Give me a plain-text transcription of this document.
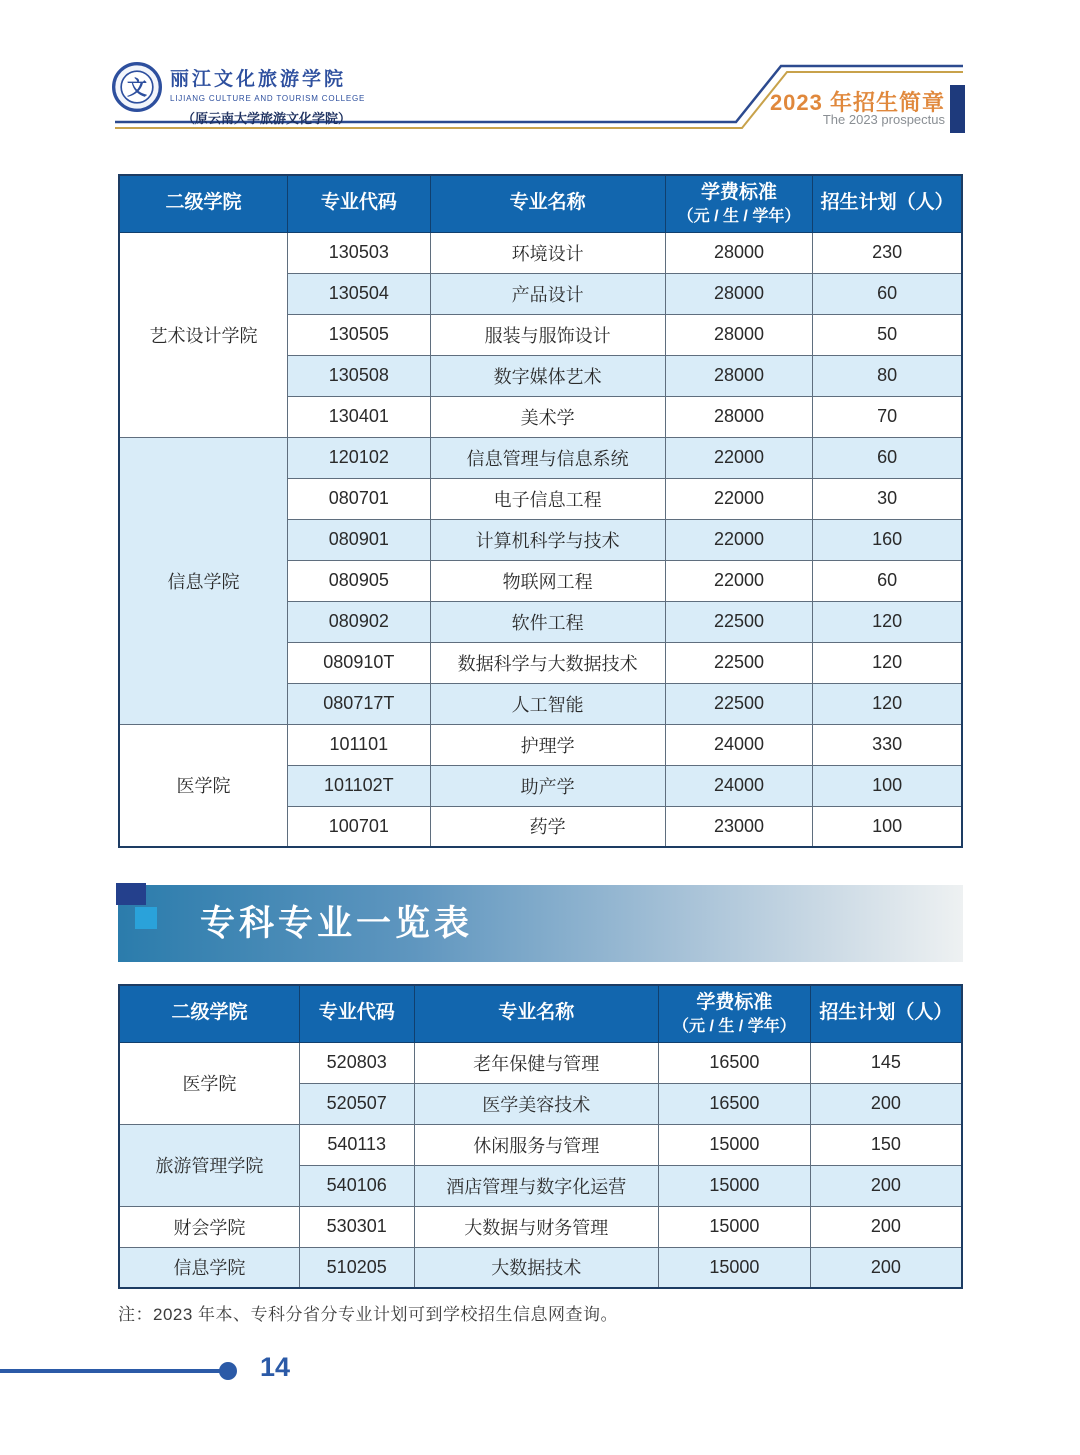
文 丽江文化旅游学院
LIJIANG CULTURE AND TOURISM COLLEGE
（原云南大学旅游文化学院）
2023 年招生简章
The 2023 prospectus
二级学院	专业代码	专业名称	学费标准
（元 / 生 / 学年）	招生计划（人）

艺术设计学院	130503	环境设计	28000	230
	130504	产品设计	28000	60
	130505	服装与服饰设计	28000	50
	130508	数字媒体艺术	28000	80
	130401	美术学	28000	70
信息学院	120102	信息管理与信息系统	22000	60
	080701	电子信息工程	22000	30
	080901	计算机科学与技术	22000	160
	080905	物联网工程	22000	60
	080902	软件工程	22500	120
	080910T	数据科学与大数据技术	22500	120
	080717T	人工智能	22500	120
医学院	101101	护理学	24000	330
	101102T	助产学	24000	100
	100701	药学	23000	100
专科专业一览表
二级学院	专业代码	专业名称	学费标准
（元 / 生 / 学年）	招生计划（人）

医学院	520803	老年保健与管理	16500	145
	520507	医学美容技术	16500	200
旅游管理学院	540113	休闲服务与管理	15000	150
	540106	酒店管理与数字化运营	15000	200
财会学院	530301	大数据与财务管理	15000	200
信息学院	510205	大数据技术	15000	200
注：2023 年本、专科分省分专业计划可到学校招生信息网查询。
14
